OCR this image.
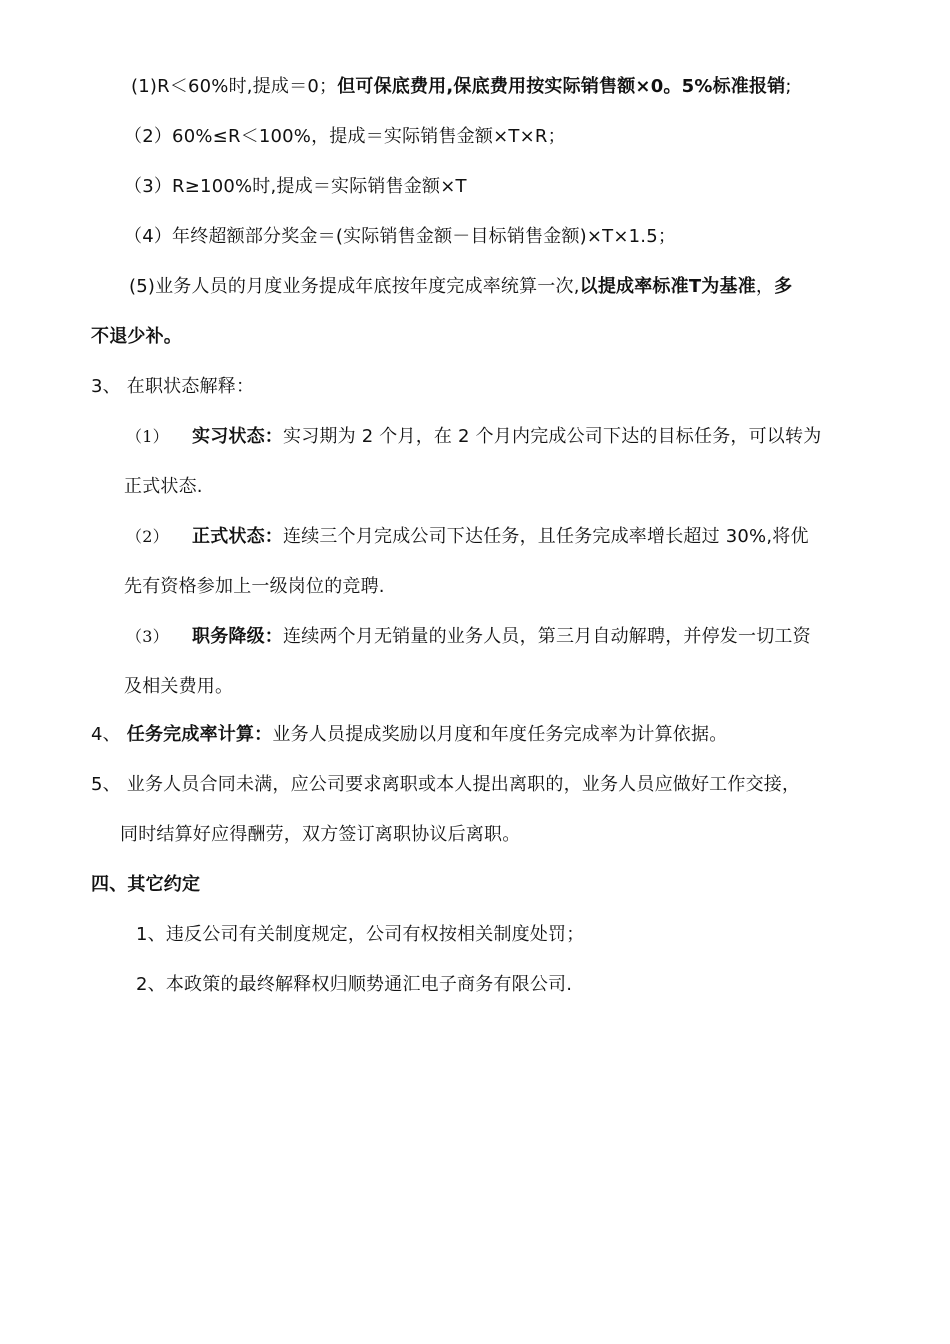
(1)R＜60%时,提成＝0；但可保底费用,保底费用按实际销售额×0。5%标准报销;
（2）60%≤R＜100%，提成＝实际销售金额×T×R；
（3）R≥100%时,提成＝实际销售金额×T
（4）年终超额部分奖金＝(实际销售金额－目标销售金额)×T×1.5；
(5)业务人员的月度业务提成年底按年度完成率统算一次,以提成率标准T为基准，多
不退少补。
3、 在职状态解释：
（1） 实习状态：实习期为 2 个月，在 2 个月内完成公司下达的目标任务，可以转为
正式状态.
（2） 正式状态：连续三个月完成公司下达任务，且任务完成率增长超过 30%,将优
先有资格参加上一级岗位的竞聘.
（3） 职务降级：连续两个月无销量的业务人员，第三月自动解聘，并停发一切工资
及相关费用。
4、 任务完成率计算：业务人员提成奖励以月度和年度任务完成率为计算依据。
5、 业务人员合同未满，应公司要求离职或本人提出离职的，业务人员应做好工作交接，
同时结算好应得酬劳，双方签订离职协议后离职。
四、其它约定
1、违反公司有关制度规定，公司有权按相关制度处罚；
2、本政策的最终解释权归顺势通汇电子商务有限公司.
